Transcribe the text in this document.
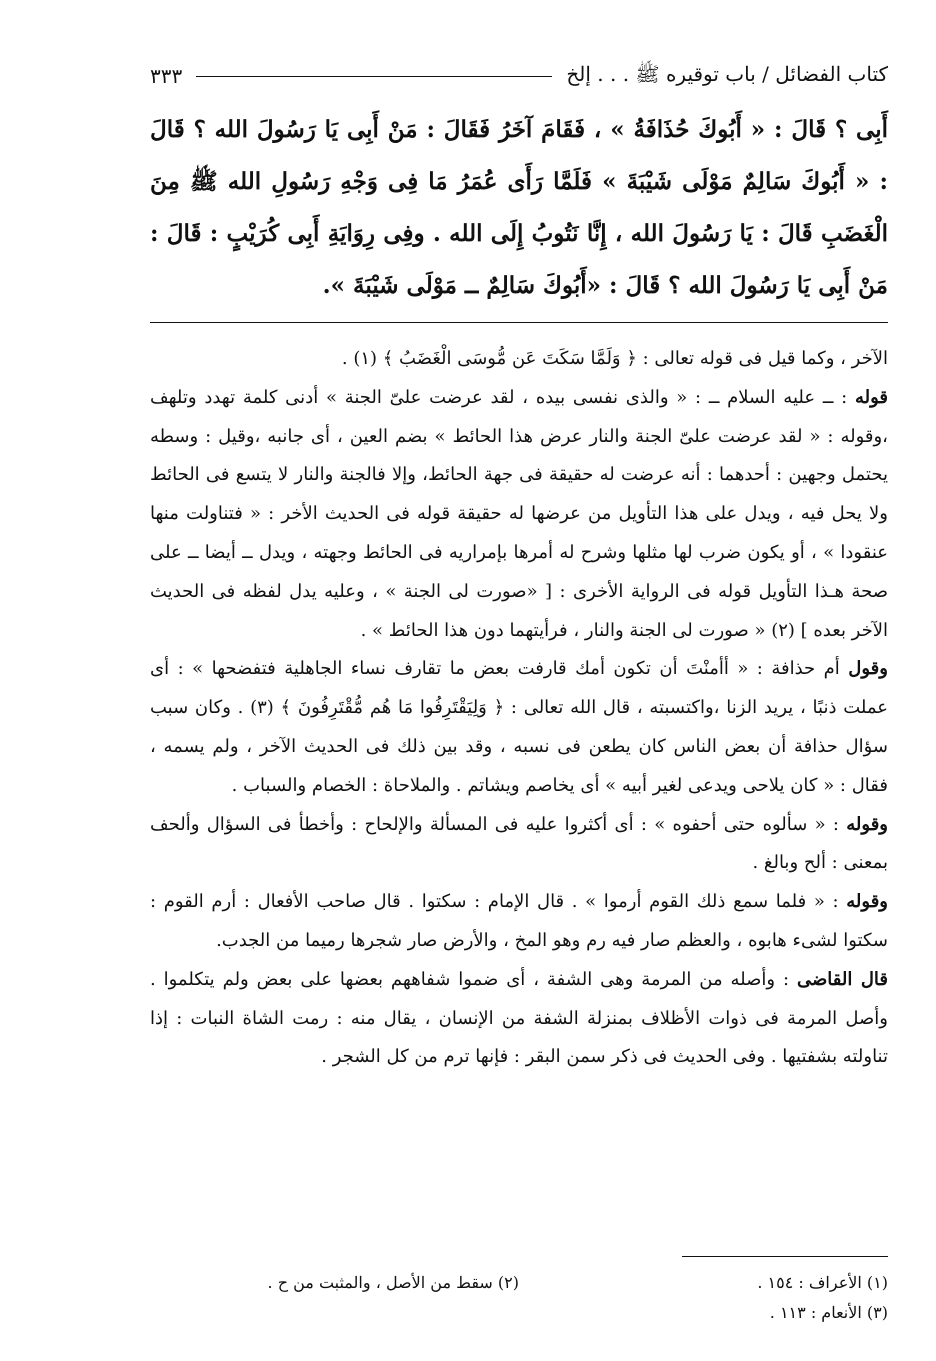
كتاب الفضائل / باب توقيره ﷺ . . . إلخ
٣٣٣

أَبِى ؟ قَالَ : « أَبُوكَ حُذَافَةُ » ، فَقَامَ آخَرُ فَقَالَ : مَنْ أَبِى يَا رَسُولَ الله ؟ قَالَ : « أَبُوكَ سَالِمٌ مَوْلَى شَيْبَةَ » فَلَمَّا رَأَى عُمَرُ مَا فِى وَجْهِ رَسُولِ الله ﷺ مِنَ الْغَضَبِ قَالَ : يَا رَسُولَ الله ، إِنَّا نَتُوبُ إِلَى الله . وفِى رِوَايَةِ أَبِى كُرَيْبٍ : قَالَ : مَنْ أَبِى يَا رَسُولَ الله ؟ قَالَ : «أَبُوكَ سَالِمٌ ــ مَوْلَى شَيْبَةَ ».

الآخر ، وكما قيل فى قوله تعالى : ﴿ وَلَمَّا سَكَتَ عَن مُّوسَى الْغَضَبُ ﴾ (١) .

قوله : ــ عليه السلام ــ : « والذى نفسى بيده ، لقد عرضت علىّ الجنة » أدنى كلمة تهدد وتلهف ،وقوله : « لقد عرضت علىّ الجنة والنار عرض هذا الحائط » بضم العين ، أى جانبه ،وقيل : وسطه يحتمل وجهين : أحدهما : أنه عرضت له حقيقة فى جهة الحائط، وإلا فالجنة والنار لا يتسع فى الحائط ولا يحل فيه ، ويدل على هذا التأويل من عرضها له حقيقة قوله فى الحديث الأخر : « فتناولت منها عنقودا » ، أو يكون ضرب لها مثلها وشرح له أمرها بإمراريه فى الحائط وجهته ، ويدل ــ أيضا ــ على صحة هـذا التأويل قوله فى الرواية الأخرى : [ «صورت لى الجنة » ، وعليه يدل لفظه فى الحديث الآخر بعده ] (٢) « صورت لى الجنة والنار ، فرأيتهما دون هذا الحائط » .

وقول أم حذافة : « أأمنْتَ أن تكون أمك قارفت بعض ما تقارف نساء الجاهلية فتفضحها » : أى عملت ذنبًا ، يريد الزنا ،واكتسبته ، قال الله تعالى : ﴿ وَلِيَقْتَرِفُوا مَا هُم مُّقْتَرِفُونَ ﴾ (٣) . وكان سبب سؤال حذافة أن بعض الناس كان يطعن فى نسبه ، وقد بين ذلك فى الحديث الآخر ، ولم يسمه ، فقال : « كان يلاحى ويدعى لغير أبيه » أى يخاصم ويشاتم . والملاحاة : الخصام والسباب .

وقوله : « سألوه حتى أحفوه » : أى أكثروا عليه فى المسألة والإلحاح : وأخطأ فى السؤال وألحف بمعنى : ألح وبالغ .

وقوله : « فلما سمع ذلك القوم أرموا » . قال الإمام : سكتوا . قال صاحب الأفعال : أرم القوم : سكتوا لشىء هابوه ، والعظم صار فيه رم وهو المخ ، والأرض صار شجرها رميما من الجدب.

قال القاضى : وأصله من المرمة وهى الشفة ، أى ضموا شفاههم بعضها على بعض ولم يتكلموا . وأصل المرمة فى ذوات الأظلاف بمنزلة الشفة من الإنسان ، يقال منه : رمت الشاة النبات : إذا تناولته بشفتيها . وفى الحديث فى ذكر سمن البقر : فإنها ترم من كل الشجر .

(١) الأعراف : ١٥٤ .
(٢) سقط من الأصل ، والمثبت من ح .
(٣) الأنعام : ١١٣ .
